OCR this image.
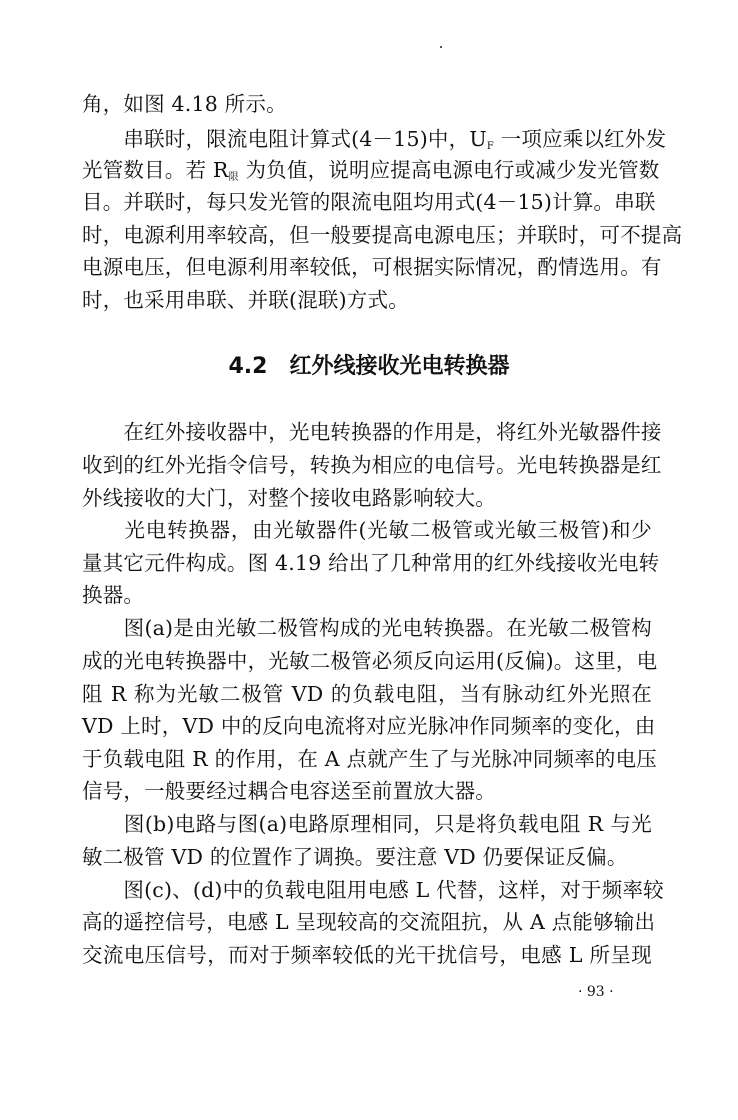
角，如图 4.18 所示。
　　串联时，限流电阻计算式(4－15)中，$U_F$ 一项应乘以红外发
光管数目。若 $R_限$ 为负值，说明应提高电源电行或减少发光管数
目。并联时，每只发光管的限流电阻均用式(4－15)计算。串联
时，电源利用率较高，但一般要提高电源电压；并联时，可不提高
电源电压，但电源利用率较低，可根据实际情况，酌情选用。有
时，也采用串联、并联(混联)方式。
4.2 红外线接收光电转换器
　　在红外接收器中，光电转换器的作用是，将红外光敏器件接
收到的红外光指令信号，转换为相应的电信号。光电转换器是红
外线接收的大门，对整个接收电路影响较大。
　　光电转换器，由光敏器件(光敏二极管或光敏三极管)和少
量其它元件构成。图 4.19 给出了几种常用的红外线接收光电转
换器。
　　图(a)是由光敏二极管构成的光电转换器。在光敏二极管构
成的光电转换器中，光敏二极管必须反向运用(反偏)。这里，电
阻 R 称为光敏二极管 VD 的负载电阻，当有脉动红外光照在
VD 上时，VD 中的反向电流将对应光脉冲作同频率的变化，由
于负载电阻 R 的作用，在 A 点就产生了与光脉冲同频率的电压
信号，一般要经过耦合电容送至前置放大器。
　　图(b)电路与图(a)电路原理相同，只是将负载电阻 R 与光
敏二极管 VD 的位置作了调换。要注意 VD 仍要保证反偏。
　　图(c)、(d)中的负载电阻用电感 L 代替，这样，对于频率较
高的遥控信号，电感 L 呈现较高的交流阻抗，从 A 点能够输出
交流电压信号，而对于频率较低的光干扰信号，电感 L 所呈现
· 93 ·
